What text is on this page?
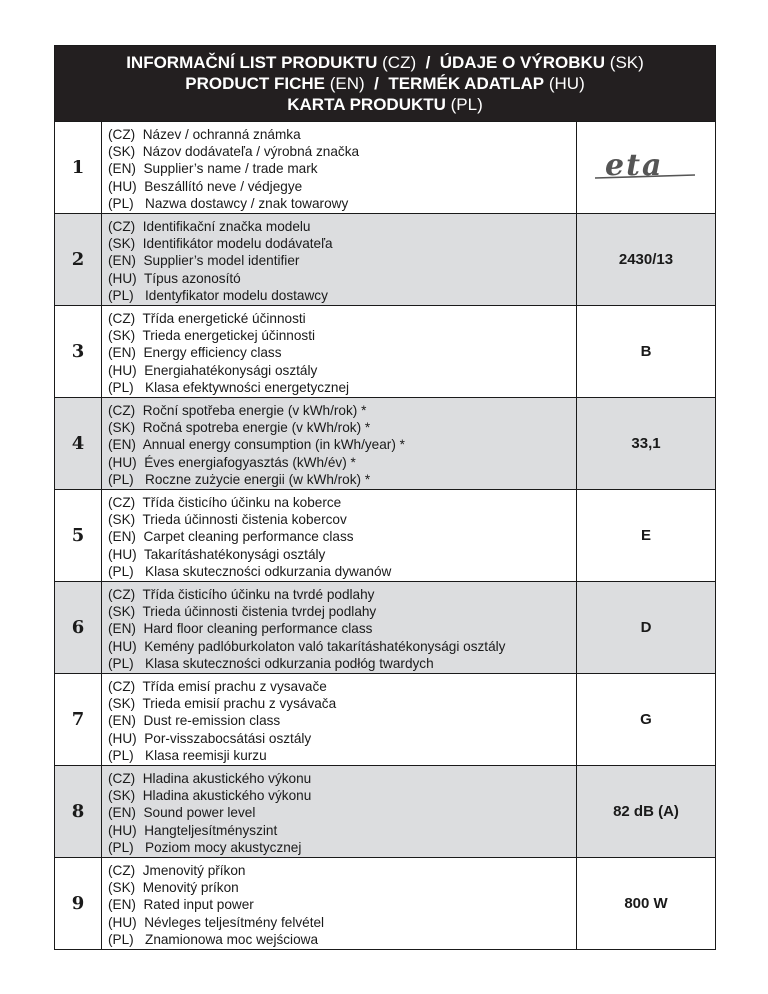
INFORMAČNÍ LIST PRODUKTU (CZ)  /  ÚDAJE O VÝROBKU (SK)
PRODUCT FICHE (EN)  /  TERMÉK ADATLAP (HU)
KARTA PRODUKTU (PL)
1
(CZ)  Název / ochranná známka
(SK)  Názov dodávateľa / výrobná značka
(EN)  Supplier’s name / trade mark
(HU)  Beszállító neve / védjegye
(PL)   Nazwa dostawcy / znak towarowy
eta
2
(CZ)  Identifikační značka modelu
(SK)  Identifikátor modelu dodávateľa
(EN)  Supplier’s model identifier
(HU)  Típus azonosító
(PL)   Identyfikator modelu dostawcy
2430/13
3
(CZ)  Třída energetické účinnosti
(SK)  Trieda energetickej účinnosti
(EN)  Energy efficiency class
(HU)  Energiahatékonysági osztály
(PL)   Klasa efektywności energetycznej
B
4
(CZ)  Roční spotřeba energie (v kWh/rok) *
(SK)  Ročná spotreba energie (v kWh/rok) *
(EN)  Annual energy consumption (in kWh/year) *
(HU)  Éves energiafogyasztás (kWh/év) *
(PL)   Roczne zużycie energii (w kWh/rok) *
33,1
5
(CZ)  Třída čisticího účinku na koberce
(SK)  Trieda účinnosti čistenia kobercov
(EN)  Carpet cleaning performance class
(HU)  Takarításhatékonysági osztály
(PL)   Klasa skuteczności odkurzania dywanów
E
6
(CZ)  Třída čisticího účinku na tvrdé podlahy
(SK)  Trieda účinnosti čistenia tvrdej podlahy
(EN)  Hard floor cleaning performance class
(HU)  Kemény padlóburkolaton való takarításhatékonysági osztály
(PL)   Klasa skuteczności odkurzania podłóg twardych
D
7
(CZ)  Třída emisí prachu z vysavače
(SK)  Trieda emisií prachu z vysávača
(EN)  Dust re-emission class
(HU)  Por-visszabocsátási osztály
(PL)   Klasa reemisji kurzu
G
8
(CZ)  Hladina akustického výkonu
(SK)  Hladina akustického výkonu
(EN)  Sound power level
(HU)  Hangteljesítményszint
(PL)   Poziom mocy akustycznej
82 dB (A)
9
(CZ)  Jmenovitý příkon
(SK)  Menovitý príkon
(EN)  Rated input power
(HU)  Névleges teljesítmény felvétel
(PL)   Znamionowa moc wejściowa
800 W
